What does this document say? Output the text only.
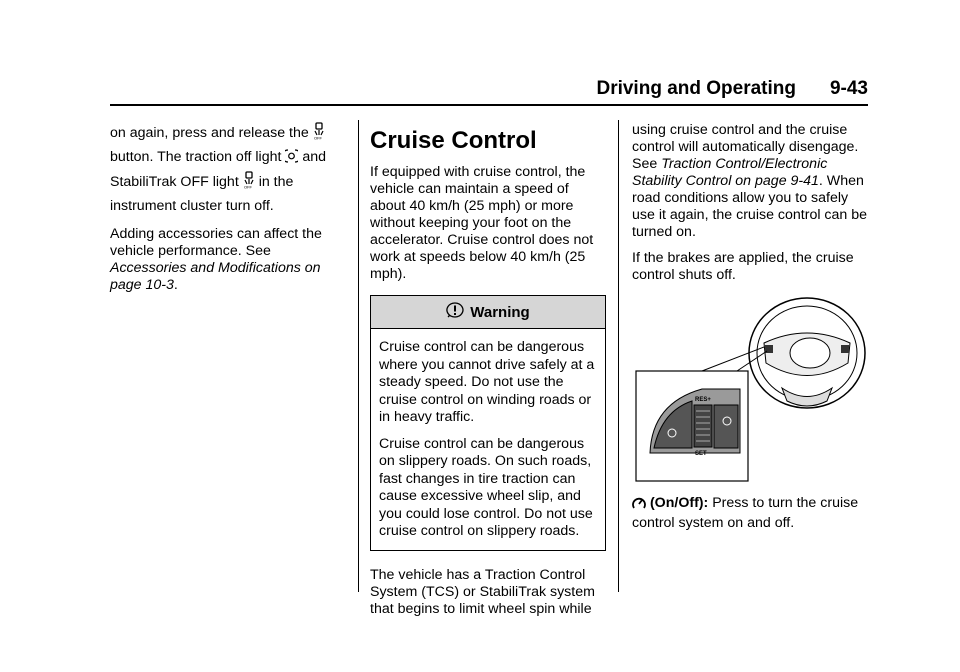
Driving and Operating 9-43

on again, press and release the OFF
button. The traction off light and
StabiliTrak OFF light OFF in the
instrument cluster turn off.

Adding accessories can affect the vehicle performance. See Accessories and Modifications on page 10-3.

Cruise Control

If equipped with cruise control, the vehicle can maintain a speed of about 40 km/h (25 mph) or more without keeping your foot on the accelerator. Cruise control does not work at speeds below 40 km/h (25 mph).

Warning

Cruise control can be dangerous where you cannot drive safely at a steady speed. Do not use the cruise control on winding roads or in heavy traffic.

Cruise control can be dangerous on slippery roads. On such roads, fast changes in tire traction can cause excessive wheel slip, and you could lose control. Do not use cruise control on slippery roads.

The vehicle has a Traction Control System (TCS) or StabiliTrak system that begins to limit wheel spin while

using cruise control and the cruise control will automatically disengage. See Traction Control/Electronic Stability Control on page 9-41. When road conditions allow you to safely use it again, the cruise control can be turned on.

If the brakes are applied, the cruise control shuts off.

RES+
SET-

(On/Off): Press to turn the cruise control system on and off.
